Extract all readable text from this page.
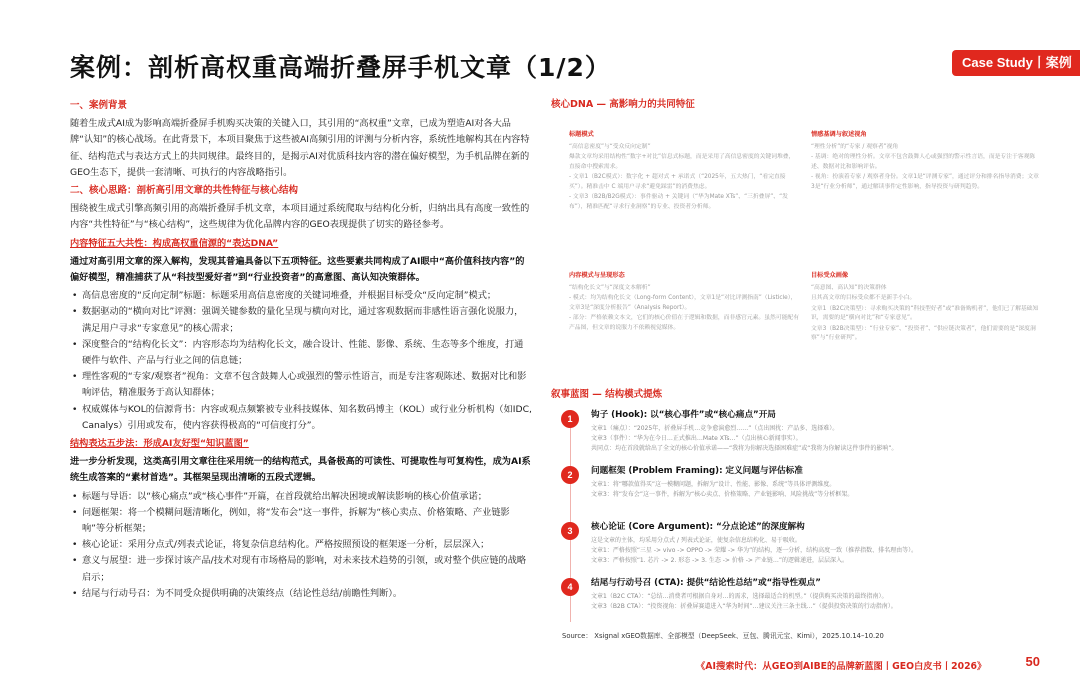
案例：剖析高权重高端折叠屏手机文章（1/2）	Case Study丨案例
一、案例背景
随着生成式AI成为影响高端折叠屏手机购买决策的关键入口，其引用的“高权重”文章，已成为塑造AI对各大品牌“认知”的核心战场。在此背景下，本项目聚焦于这些被AI高频引用的评测与分析内容，系统性地解构其在内容特征、结构范式与表达方式上的共同规律。最终目的，是揭示AI对优质科技内容的潜在偏好模型，为手机品牌在新的GEO生态下，提供一套清晰、可执行的内容战略指引。
二、核心思路：剖析高引用文章的共性特征与核心结构
围绕被生成式引擎高频引用的高端折叠屏手机文章，本项目通过系统爬取与结构化分析，归纳出具有高度一致性的内容“共性特征”与“核心结构”，这些规律为优化品牌内容的GEO表现提供了切实的路径参考。
内容特征五大共性：构成高权重信源的“表达DNA”
通过对高引用文章的深入解构，发现其普遍具备以下五项特征。这些要素共同构成了AI眼中“高价值科技内容”的偏好模型，精准捕获了从“科技型爱好者”到“行业投资者”的高意图、高认知决策群体。
• 高信息密度的“反向定制”标题：标题采用高信息密度的关键词堆叠，并根据目标受众“反向定制”模式；
• 数据驱动的“横向对比”评测：强调关键参数的量化呈现与横向对比，通过客观数据而非感性语言强化说服力，满足用户寻求“专家意见”的核心需求；
• 深度整合的“结构化长文”：内容形态均为结构化长文，融合设计、性能、影像、系统、生态等多个维度，打通硬件与软件、产品与行业之间的信息链；
• 理性客观的“专家/观察者”视角：文章不包含鼓舞人心或强烈的警示性语言，而是专注客观陈述、数据对比和影响评估，精准服务于高认知群体；
• 权威媒体与KOL的信源背书：内容或观点频繁被专业科技媒体、知名数码博主（KOL）或行业分析机构（如IDC, Canalys）引用或发布，使内容获得极高的“可信度打分”。
结构表达五步法：形成AI友好型“知识蓝图”
进一步分析发现，这类高引用文章往往采用统一的结构范式，具备极高的可读性、可提取性与可复构性，成为AI系统生成答案的“素材首选”。其框架呈现出清晰的五段式逻辑。
• 标题与导语：以“核心痛点”或“核心事件”开篇，在首段就给出解决困境或解读影响的核心价值承诺；
• 问题框架：将一个模糊问题清晰化，例如，将“发布会”这一事件，拆解为“核心卖点、价格策略、产业链影响”等分析框架；
• 核心论证：采用分点式/列表式论证，将复杂信息结构化。严格按照预设的框架逐一分析，层层深入；
• 意义与展望：进一步探讨该产品/技术对现有市场格局的影响，对未来技术趋势的引领，或对整个供应链的战略启示；
• 结尾与行动号召：为不同受众提供明确的决策终点（结论性总结/前瞻性判断）。
核心DNA — 高影响力的共同特征
标题模式

“高信息密度”与“受众反向定制”

爆款文章均采用结构性“数字+对比”信息式标题，而是采用了高信息密度的关键词堆叠，直接命中搜索需求。

- 文章1（B2C模式）：数字化 + 超对式 + 承诺式（“2025年，五大热门，“看完直接买”）。精准击中 C 端用户寻求“避免踩雷”的消费焦虑。

- 文章3（B2B/B2G模式）：事件驱动 + 关键词（“华为Mate XTs”、“三折叠屏”、“发布”），精准匹配“寻求行业洞察”的专业、投资者分析师。

情感基调与叙述视角

“理性分析”的“专家 / 观察者”视角

- 基调：绝对的理性分析。文章不包含鼓舞人心或强烈的警示性言语，而是专注于客观陈述、数据对比和影响评估。

- 视角：扮演着专家 / 观察者身份。文章1是“评测专家”，通过评分和排名指导消费；文章3是“行业分析师”，通过解读事件定性影响，指导投资与研判趋势。

内容模式与呈现形态

“结构化长文”与“深度文本解析”

- 模式：均为结构化长文（Long-form Content），文章1是“对比评测指南”（Listicle），文章3是“深度分析报告”（Analysis Report）。

- 部分：严格依赖文本文，它们的核心价值在于逻辑和数据，而非感官元素。虽然可能配有产品图，但文章的说服力不依赖视觉媒体。

目标受众画像

“高意图、高认知”的决策群体

且其高文章的目标受众都不是新手小白。

文章1（B2C决策型）：寻求购买决策的“科技型好者”或“准备购机者”，他们已了解基础知识，需要的是“横向对比”和“专家意见”。

文章3（B2B决策型）：“行业专家”、“投资者”、“供应链决策者”，他们需要的是“深度洞察”与“行业研判”。

叙事蓝图 — 结构模式提炼
1	钩子 (Hook): 以“核心事件”或“核心痛点”开局
文章1（痛点）：“2025年，折叠屏手机…竞争愈演愈烈……”（点出困扰：产品多、选择难）。
文章3（事件）：“华为在今日…正式推出…Mate XTs…”（点出核心新闻事实）。
共同点：均在首段就给出了全文的核心价值承诺——“我将为你解决选择困难症”或“我将为你解读这件事件的影响”。
2	问题框架 (Problem Framing): 定义问题与评估标准
文章1：将“哪款值得买”这一模糊问题，拆解为“设计、性能、影像、系统”等具体评测维度。
文章3：将“发布会”这一事件，拆解为“核心卖点、价格策略、产业链影响、风险挑战”等分析框架。
3	核心论证 (Core Argument): “分点论述”的深度解构
这是文章的主体，均采用分点式 / 列表式论证，使复杂信息结构化、易于吸收。
文章1：严格按照“三星 -> vivo -> OPPO -> 荣耀 -> 华为”的结构，逐一分析，结构高度一致（推荐指数、排名理由等）。
文章3：严格按照“1. 芯片 -> 2. 形态 -> 3. 生态 -> 价格 -> 产业链…”的逻辑递进，层层深入。
4	结尾与行动号召 (CTA): 提供“结论性总结”或“指导性观点”
文章1（B2C CTA）：“总结…消费者可根据自身对…的需求，选择最适合的机型。”（提供购买决策的最终指南）。
文章3（B2B CTA）：“投资视角：折叠屏赛道进入“华为时间”…建议关注三条主线…”（提供投资决策的行动指南）。
Source： Xsignal xGEO数据库、全部模型（DeepSeek、豆包、腾讯元宝、Kimi），2025.10.14–10.20
《AI搜索时代：从GEO到AIBE的品牌新蓝图丨GEO白皮书丨2026》	50
